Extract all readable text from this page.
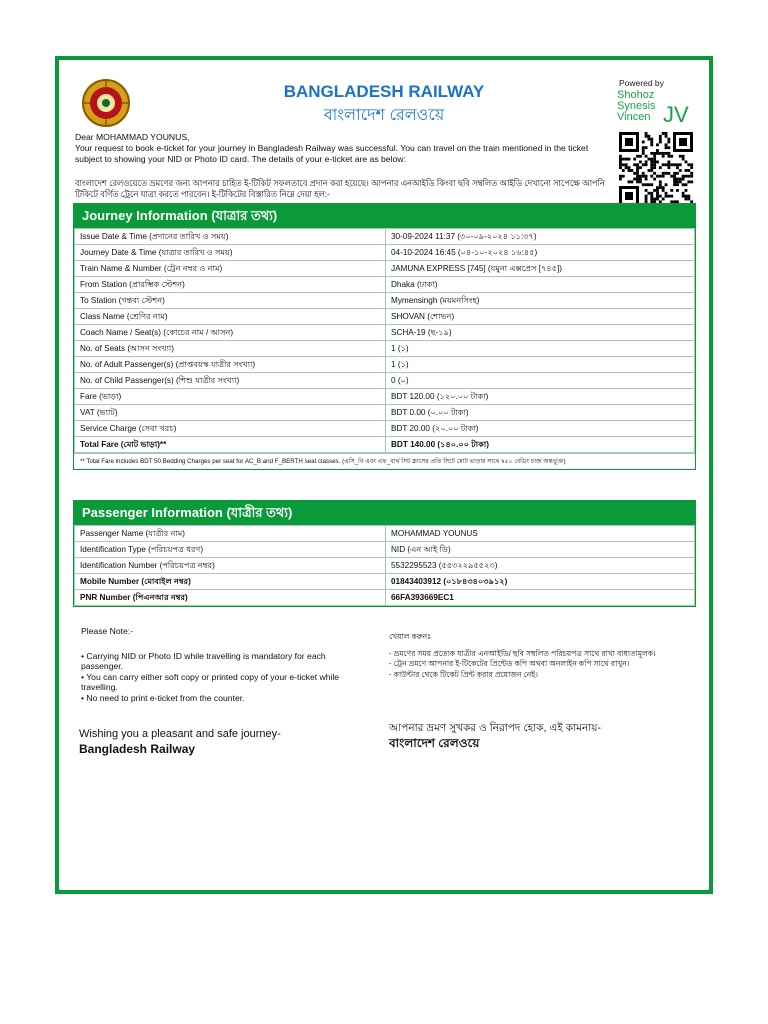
BANGLADESH RAILWAY
বাংলাদেশ রেলওয়ে
Powered by
Shohoz
Synesis
Vincen JV

Dear MOHAMMAD YOUNUS,

Your request to book e-ticket for your journey in Bangladesh Railway was successful. You can travel on the train mentioned in the ticket subject to showing your NID or Photo ID card. The details of your e-ticket are as below:

বাংলাদেশ রেলওয়েতে ভ্রমণের জন্য আপনার চাহিত ই-টিকিট সফলতাবে প্রদান করা হয়েছে। আপনার এনআইডি কিংবা ছবি সম্বলিত আইডি দেখানো সাপেক্ষে আপনি টিকিটে বর্ণিত ট্রেনে যাত্রা করতে পারবেন। ই-টিকিটের বিস্তারিত নিম্নে দেয়া হল:-
Journey Information (যাত্রার তথ্য)
Issue Date & Time (প্রদানের তারিখ ও সময়)	30-09-2024 11:37 (৩০-০৯-২০২৪ ১১:৩৭)
Journey Date & Time (যাত্রার তারিখ ও সময়)	04-10-2024 16:45 (০৪-১০-২০২৪ ১৬:৪৫)
Train Name & Number (ট্রেন নম্বর ও নাম)	JAMUNA EXPRESS [745] (যমুনা এক্সপ্রেস [৭৪৫])
From Station (প্রারম্ভিক স্টেশন)	Dhaka (ঢাকা)
To Station (গন্তব্য স্টেশন)	Mymensingh (ময়মনসিংহ)
Class Name (শ্রেণির নাম)	SHOVAN (শোভন)
Coach Name / Seat(s) (কোচের নাম / আসন)	SCHA-19 (ছ-১৯)
No. of Seats (আসন সংখ্যা)	1 (১)
No. of Adult Passenger(s) (প্রাপ্তবয়স্ক যাত্রীর সংখ্যা)	1 (১)
No. of Child Passenger(s) (শিশু যাত্রীর সংখ্যা)	0 (০)
Fare (ভাড়া)	BDT 120.00 (১২০.০০ টাকা)
VAT (ভ্যাট)	BDT 0.00 (০.০০ টাকা)
Service Charge (সেবা খরচ)	BDT 20.00 (২০.০০ টাকা)
Total Fare (মোট ভাড়া)**	BDT 140.00 (১৪০.০০ টাকা)
** Total Fare includes BDT 50 Bedding Charges per seat for AC_B and F_BERTH seat classes. (এসি_বি এবং এফ_বার্থ সিট ক্লাসের প্রতি সিটে মোট ভাড়ার সাথে ৳৫০ বেডিং চার্জ অন্তর্ভুক্ত)
Passenger Information (যাত্রীর তথ্য)
Passenger Name (যাত্রীর নাম)	MOHAMMAD YOUNUS
Identification Type (পরিচয়পত্র ধরণ)	NID (এন আই ডি)
Identification Number (পরিচয়পত্র নম্বর)	5532295523 (৫৫৩২২৯৫৫২৩)
Mobile Number (মোবাইল নম্বর)	01843403912 (০১৮৪৩৪০৩৯১২)
PNR Number (পিএনআর নম্বর)	66FA393669EC1
Please Note:-
• Carrying NID or Photo ID while travelling is mandatory for each passenger.
• You can carry either soft copy or printed copy of your e-ticket while travelling.
• No need to print e-ticket from the counter.
খেয়াল করুনঃ
- ভ্রমণের সময় প্রত্যেক যাত্রীর এনআইডি/ ছবি সম্বলিত পরিচয়পত্র সাথে রাখা বাধ্যতামূলক।
- ট্রেন ভ্রমণে আপনার ই-টিকেটের প্রিন্টেড কপি অথবা অনলাইন কপি সাথে রাখুন।
- কাউন্টার থেকে টিকেট প্রিন্ট করার প্রয়োজন নেই।
Wishing you a pleasant and safe journey-
Bangladesh Railway
আপনার ভ্রমণ সুখকর ও নিরাপদ হোক, এই কামনায়-
বাংলাদেশ রেলওয়ে
